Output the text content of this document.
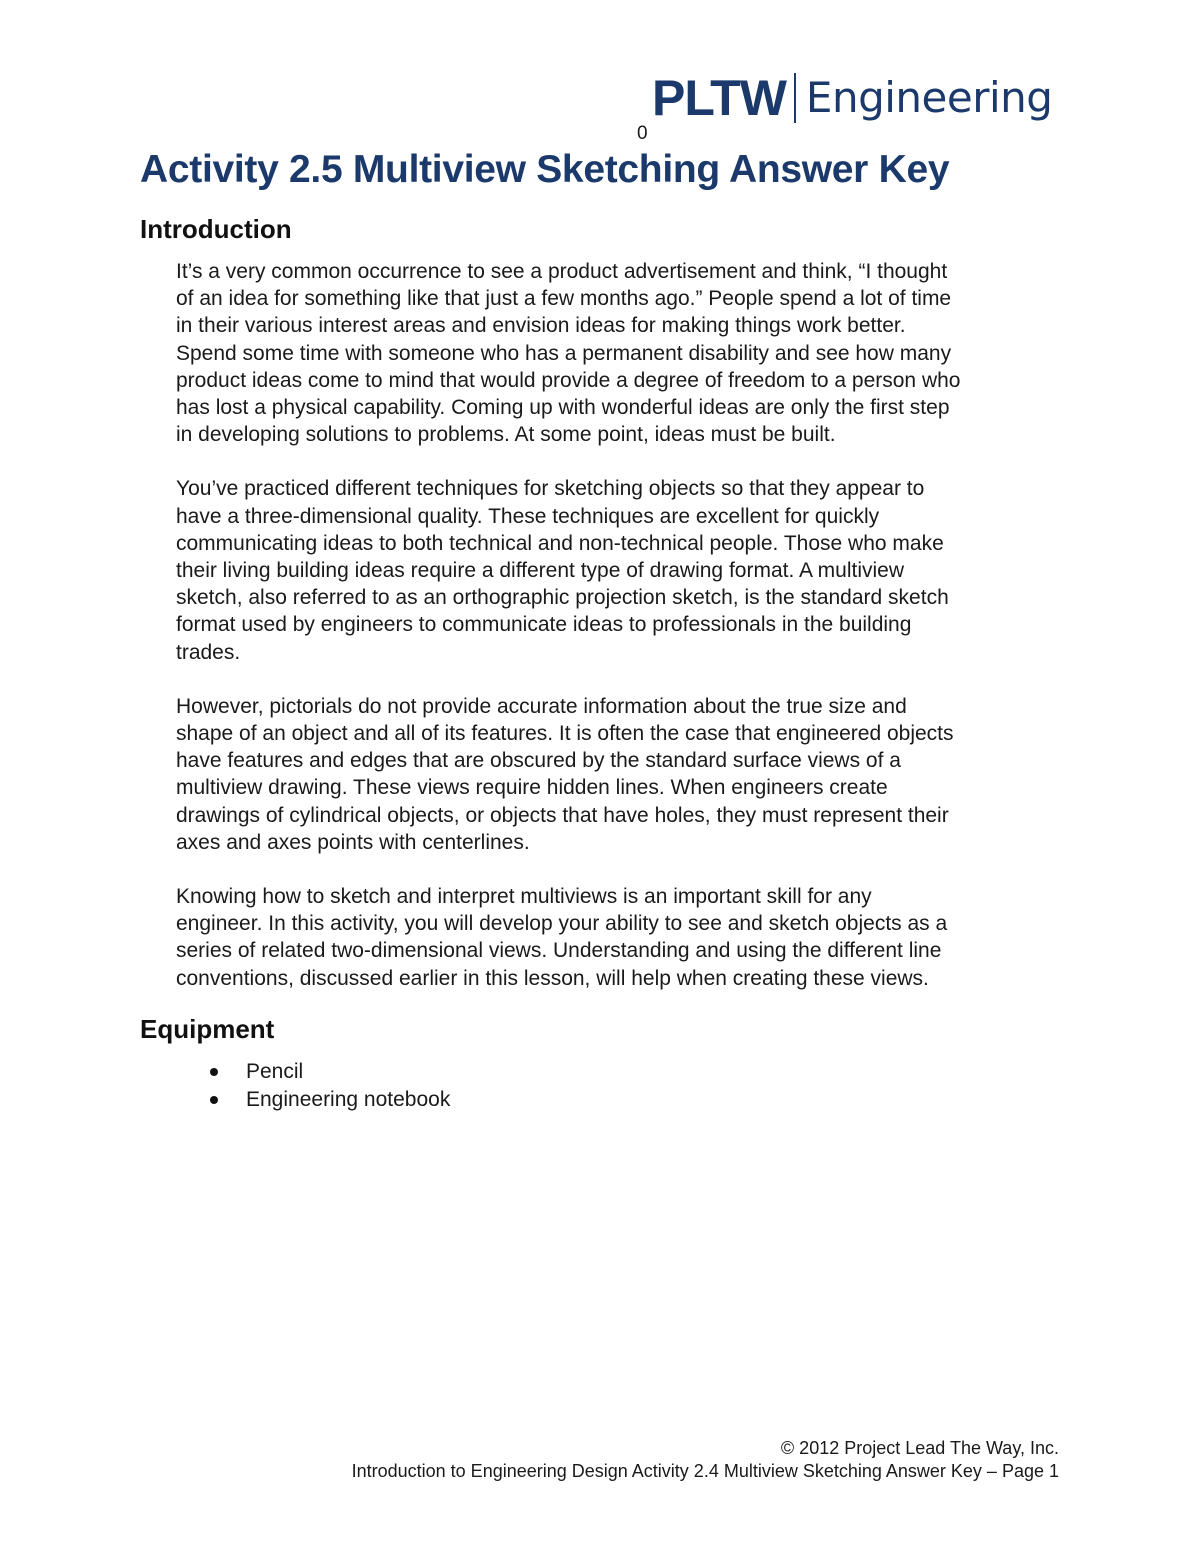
PLTW Engineering
0
Activity 2.5 Multiview Sketching Answer Key
Introduction

It’s a very common occurrence to see a product advertisement and think, “I thought
of an idea for something like that just a few months ago.” People spend a lot of time
in their various interest areas and envision ideas for making things work better.
Spend some time with someone who has a permanent disability and see how many
product ideas come to mind that would provide a degree of freedom to a person who
has lost a physical capability. Coming up with wonderful ideas are only the first step
in developing solutions to problems. At some point, ideas must be built.

You’ve practiced different techniques for sketching objects so that they appear to
have a three-dimensional quality. These techniques are excellent for quickly
communicating ideas to both technical and non-technical people. Those who make
their living building ideas require a different type of drawing format. A multiview
sketch, also referred to as an orthographic projection sketch, is the standard sketch
format used by engineers to communicate ideas to professionals in the building
trades.

However, pictorials do not provide accurate information about the true size and
shape of an object and all of its features. It is often the case that engineered objects
have features and edges that are obscured by the standard surface views of a
multiview drawing. These views require hidden lines. When engineers create
drawings of cylindrical objects, or objects that have holes, they must represent their
axes and axes points with centerlines.

Knowing how to sketch and interpret multiviews is an important skill for any
engineer. In this activity, you will develop your ability to see and sketch objects as a
series of related two-dimensional views. Understanding and using the different line
conventions, discussed earlier in this lesson, will help when creating these views.

Equipment
Pencil
Engineering notebook
© 2012 Project Lead The Way, Inc.
Introduction to Engineering Design Activity 2.4 Multiview Sketching Answer Key – Page 1
